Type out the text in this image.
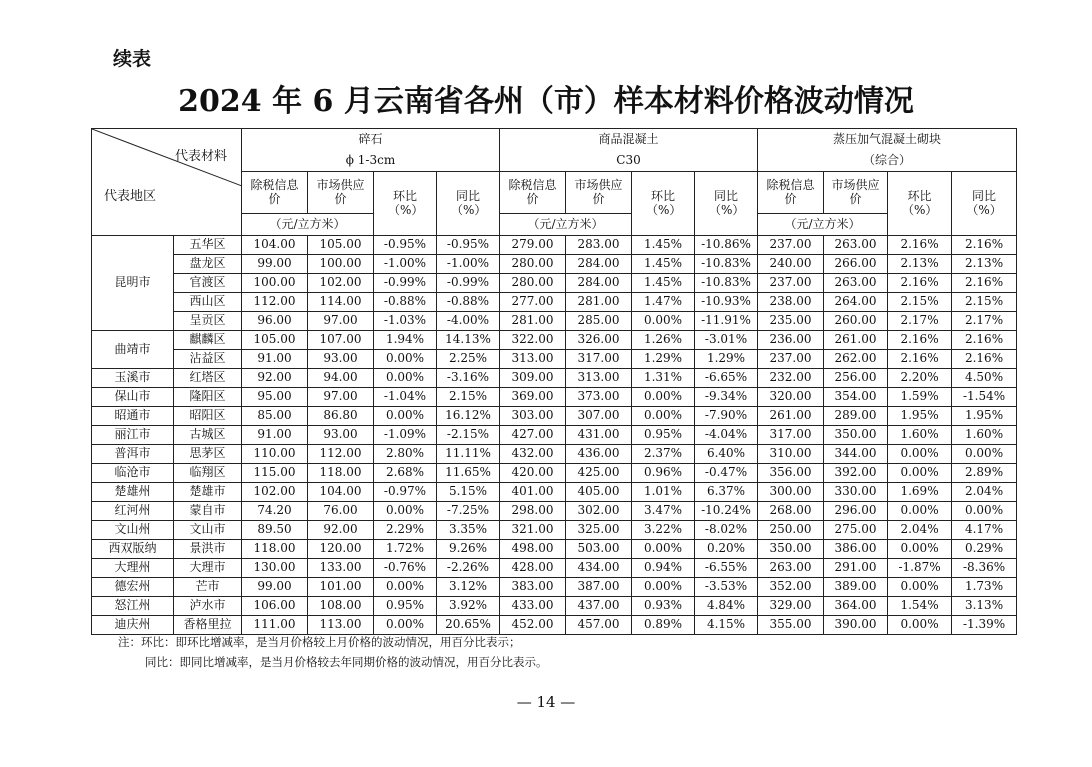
续表
2024 年 6 月云南省各州（市）样本材料价格波动情况
代表材料
代表地区		碎石				商品混凝土				蒸压加气混凝土砌块			
		ϕ 1-3cm				C30				（综合）			
		除税信息价	市场供应价	环比（%）	同比（%）	除税信息价	市场供应价	环比（%）	同比（%）	除税信息价	市场供应价	环比（%）	同比（%）
		（元/立方米）				（元/立方米）				（元/立方米）			
昆明市	五华区	104.00	105.00	-0.95%	-0.95%	279.00	283.00	1.45%	-10.86%	237.00	263.00	2.16%	2.16%
	盘龙区	99.00	100.00	-1.00%	-1.00%	280.00	284.00	1.45%	-10.83%	240.00	266.00	2.13%	2.13%
	官渡区	100.00	102.00	-0.99%	-0.99%	280.00	284.00	1.45%	-10.83%	237.00	263.00	2.16%	2.16%
	西山区	112.00	114.00	-0.88%	-0.88%	277.00	281.00	1.47%	-10.93%	238.00	264.00	2.15%	2.15%
	呈贡区	96.00	97.00	-1.03%	-4.00%	281.00	285.00	0.00%	-11.91%	235.00	260.00	2.17%	2.17%
曲靖市	麒麟区	105.00	107.00	1.94%	14.13%	322.00	326.00	1.26%	-3.01%	236.00	261.00	2.16%	2.16%
	沾益区	91.00	93.00	0.00%	2.25%	313.00	317.00	1.29%	1.29%	237.00	262.00	2.16%	2.16%
玉溪市	红塔区	92.00	94.00	0.00%	-3.16%	309.00	313.00	1.31%	-6.65%	232.00	256.00	2.20%	4.50%
保山市	隆阳区	95.00	97.00	-1.04%	2.15%	369.00	373.00	0.00%	-9.34%	320.00	354.00	1.59%	-1.54%
昭通市	昭阳区	85.00	86.80	0.00%	16.12%	303.00	307.00	0.00%	-7.90%	261.00	289.00	1.95%	1.95%
丽江市	古城区	91.00	93.00	-1.09%	-2.15%	427.00	431.00	0.95%	-4.04%	317.00	350.00	1.60%	1.60%
普洱市	思茅区	110.00	112.00	2.80%	11.11%	432.00	436.00	2.37%	6.40%	310.00	344.00	0.00%	0.00%
临沧市	临翔区	115.00	118.00	2.68%	11.65%	420.00	425.00	0.96%	-0.47%	356.00	392.00	0.00%	2.89%
楚雄州	楚雄市	102.00	104.00	-0.97%	5.15%	401.00	405.00	1.01%	6.37%	300.00	330.00	1.69%	2.04%
红河州	蒙自市	74.20	76.00	0.00%	-7.25%	298.00	302.00	3.47%	-10.24%	268.00	296.00	0.00%	0.00%
文山州	文山市	89.50	92.00	2.29%	3.35%	321.00	325.00	3.22%	-8.02%	250.00	275.00	2.04%	4.17%
西双版纳	景洪市	118.00	120.00	1.72%	9.26%	498.00	503.00	0.00%	0.20%	350.00	386.00	0.00%	0.29%
大理州	大理市	130.00	133.00	-0.76%	-2.26%	428.00	434.00	0.94%	-6.55%	263.00	291.00	-1.87%	-8.36%
德宏州	芒市	99.00	101.00	0.00%	3.12%	383.00	387.00	0.00%	-3.53%	352.00	389.00	0.00%	1.73%
怒江州	泸水市	106.00	108.00	0.95%	3.92%	433.00	437.00	0.93%	4.84%	329.00	364.00	1.54%	3.13%
迪庆州	香格里拉	111.00	113.00	0.00%	20.65%	452.00	457.00	0.89%	4.15%	355.00	390.00	0.00%	-1.39%
注：环比：即环比增减率，是当月价格较上月价格的波动情况，用百分比表示；
同比：即同比增减率，是当月价格较去年同期价格的波动情况，用百分比表示。
— 14 —
